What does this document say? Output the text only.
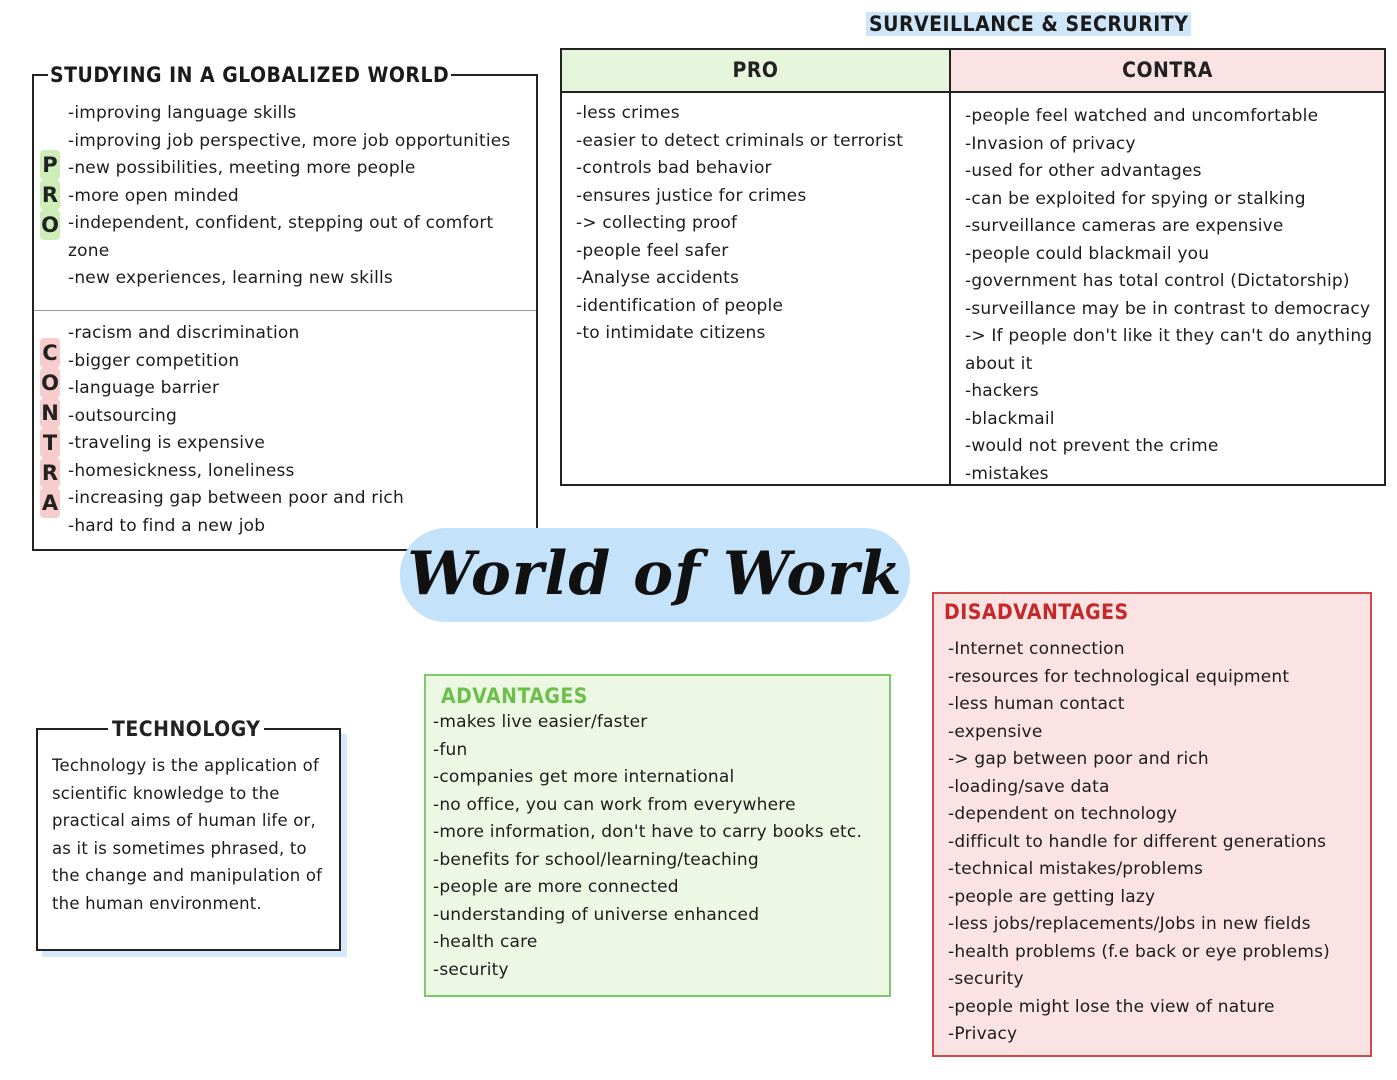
STUDYING IN A GLOBALIZED WORLD
P
R
O
-improving language skills
-improving job perspective, more job opportunities
-new possibilities, meeting more people
-more open minded
-independent, confident, stepping out of comfort
zone
-new experiences, learning new skills
C
O
N
T
R
A
-racism and discrimination
-bigger competition
-language barrier
-outsourcing
-traveling is expensive
-homesickness, loneliness
-increasing gap between poor and rich
-hard to find a new job
SURVEILLANCE & SECRURITY
PRO	CONTRA
-less crimes
-easier to detect criminals or terrorist
-controls bad behavior
-ensures justice for crimes
-> collecting proof
-people feel safer
-Analyse accidents
-identification of people
-to intimidate citizens
-people feel watched and uncomfortable
-Invasion of privacy
-used for other advantages
-can be exploited for spying or stalking
-surveillance cameras are expensive
-people could blackmail you
-government has total control (Dictatorship)
-surveillance may be in contrast to democracy
-> If people don't like it they can't do anything
about it
-hackers
-blackmail
-would not prevent the crime
-mistakes
World of Work
TECHNOLOGY
Technology is the application of scientific knowledge to the practical aims of human life or, as it is sometimes phrased, to the change and manipulation of the human environment.
ADVANTAGES
-makes live easier/faster
-fun
-companies get more international
-no office, you can work from everywhere
-more information, don't have to carry books etc.
-benefits for school/learning/teaching
-people are more connected
-understanding of universe enhanced
-health care
-security
DISADVANTAGES
-Internet connection
-resources for technological equipment
-less human contact
-expensive
-> gap between poor and rich
-loading/save data
-dependent on technology
-difficult to handle for different generations
-technical mistakes/problems
-people are getting lazy
-less jobs/replacements/Jobs in new fields
-health problems (f.e back or eye problems)
-security
-people might lose the view of nature
-Privacy
